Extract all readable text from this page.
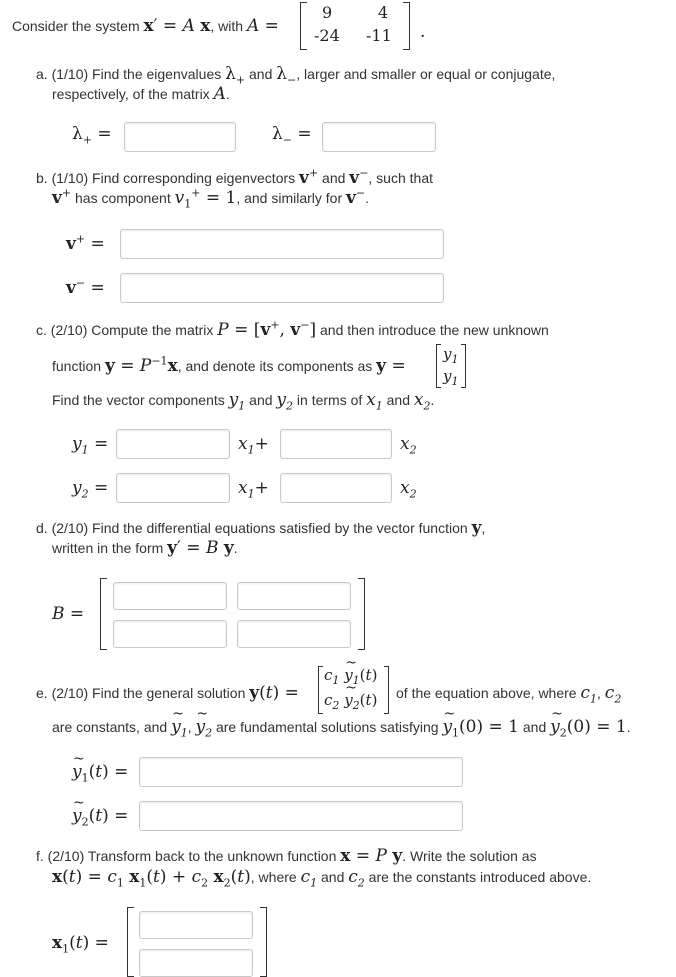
Consider the system x′ = A x, with A =
9	4
-24 -11 .
a. (1/10) Find the eigenvalues $\lambda_+$ and $\lambda_-$, larger and smaller or equal or conjugate,
respectively, of the matrix A.
$\lambda_+$ =	$\lambda_-$ =
b. (1/10) Find corresponding eigenvectors v+ and v−, such that
v+ has component $v_1^+ = 1$, and similarly for v−.
v+ =
v− =
c. (2/10) Compute the matrix P = [v+, v−] and then introduce the new unknown
function $y = P^{-1}x$, and denote its components as y =
$y_1$
$y_1$
Find the vector components $y_1$ and $y_2$ in terms of $x_1$ and $x_2$.
$y_1$ =	$x_1+$	$x_2$
$y_2$ =	$x_1+$	$x_2$
d. (2/10) Find the differential equations satisfied by the vector function y,
written in the form y′ = B y.
B =
e. (2/10) Find the general solution y(t) =
$c_1$ y $\sim_1(t)$
$c_2$ y $\sim_2(t)$ of the equation above, where $c_1$, $c_2$
are constants, and y $\sim_1$, y $\sim_2$ are fundamental solutions satisfying y $\sim_1(0) = 1$ and y $\sim_2(0) = 1$.
y $\sim_1(t)$ =
y $\sim_2(t)$ =
f. (2/10) Transform back to the unknown function x = P y. Write the solution as
$x(t) = c_1$ $x_1(t) + c_2$ $x_2(t)$, where $c_1$ and $c_2$ are the constants introduced above.
$x_1(t)$ =
